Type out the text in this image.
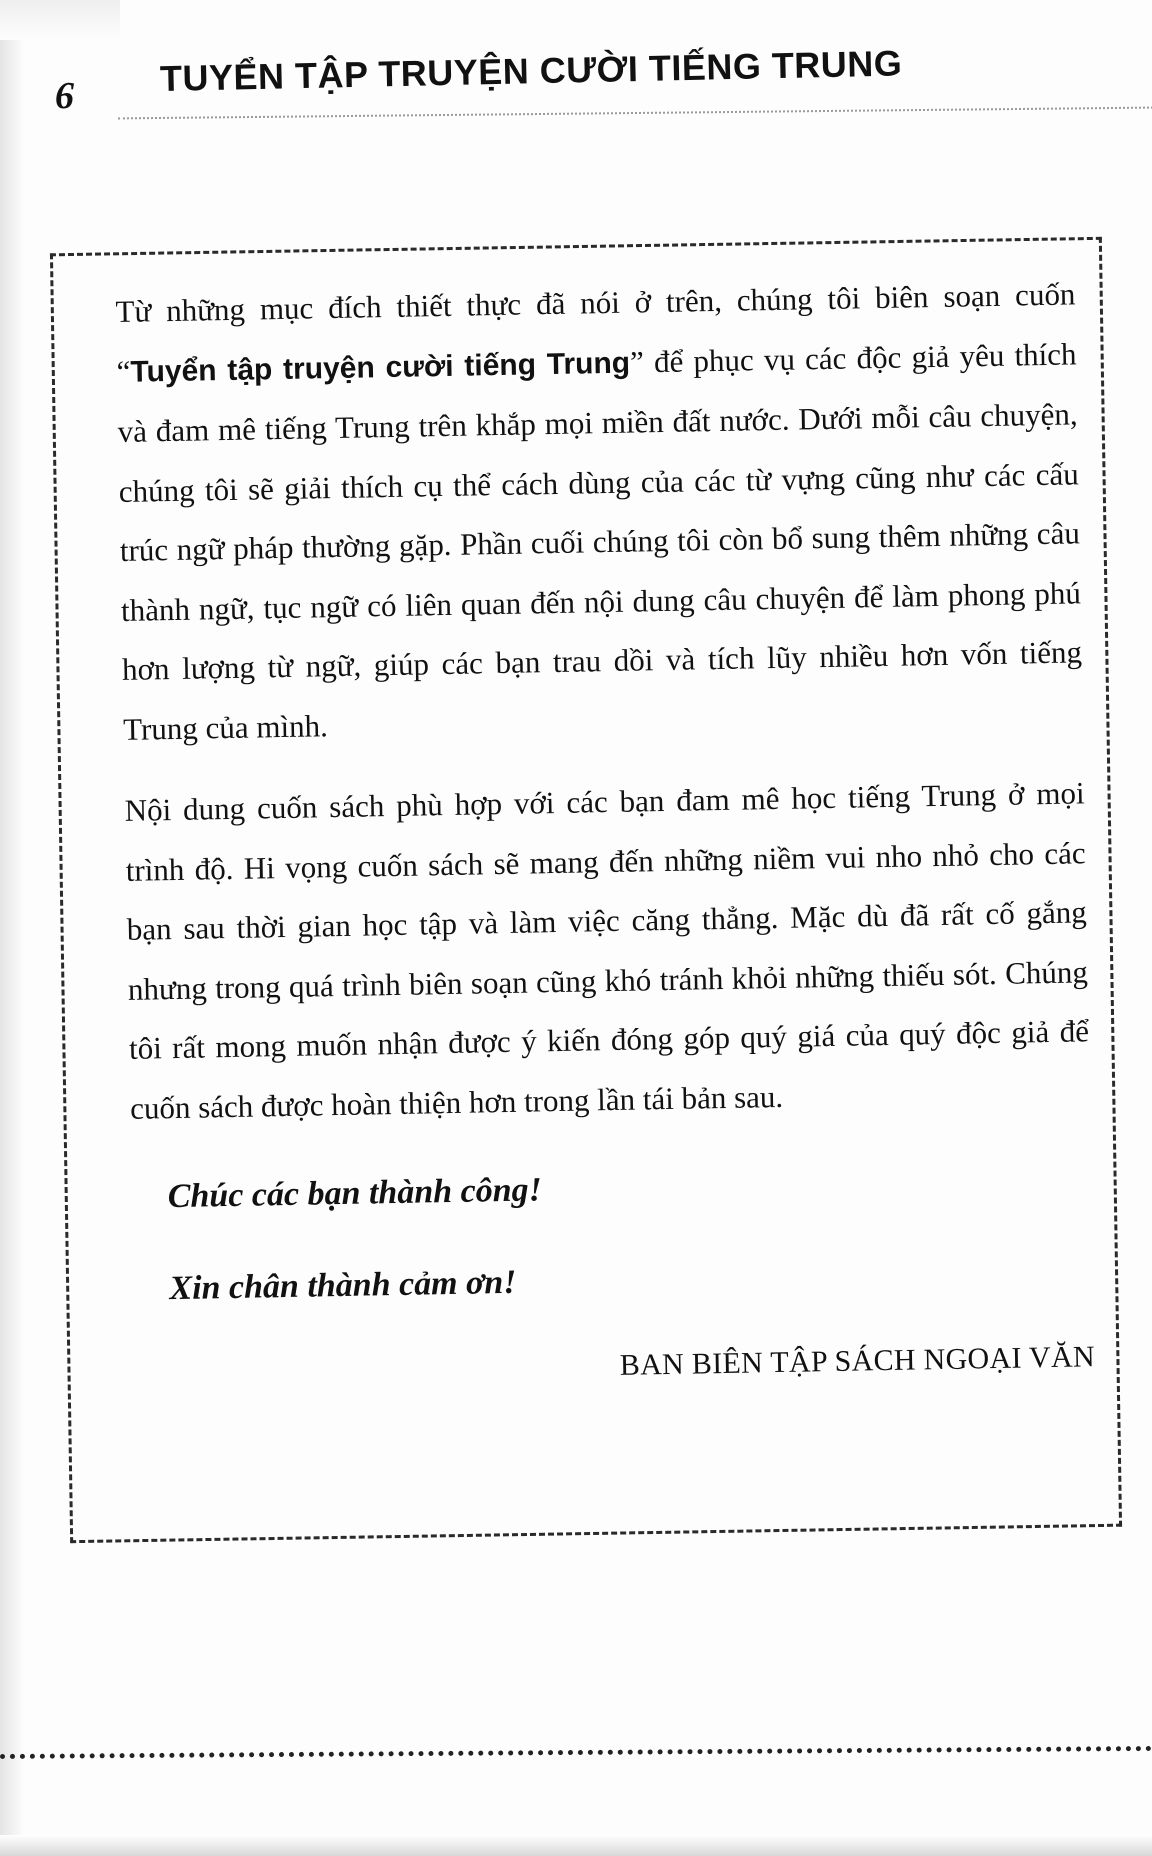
6 TUYỂN TẬP TRUYỆN CƯỜI TIẾNG TRUNG

Từ những mục đích thiết thực đã nói ở trên, chúng tôi biên soạn cuốn “Tuyển tập truyện cười tiếng Trung” để phục vụ các độc giả yêu thích và đam mê tiếng Trung trên khắp mọi miền đất nước. Dưới mỗi câu chuyện, chúng tôi sẽ giải thích cụ thể cách dùng của các từ vựng cũng như các cấu trúc ngữ pháp thường gặp. Phần cuối chúng tôi còn bổ sung thêm những câu thành ngữ, tục ngữ có liên quan đến nội dung câu chuyện để làm phong phú hơn lượng từ ngữ, giúp các bạn trau dồi và tích lũy nhiều hơn vốn tiếng Trung của mình.

Nội dung cuốn sách phù hợp với các bạn đam mê học tiếng Trung ở mọi trình độ. Hi vọng cuốn sách sẽ mang đến những niềm vui nho nhỏ cho các bạn sau thời gian học tập và làm việc căng thẳng. Mặc dù đã rất cố gắng nhưng trong quá trình biên soạn cũng khó tránh khỏi những thiếu sót. Chúng tôi rất mong muốn nhận được ý kiến đóng góp quý giá của quý độc giả để cuốn sách được hoàn thiện hơn trong lần tái bản sau.

Chúc các bạn thành công!

Xin chân thành cảm ơn!

BAN BIÊN TẬP SÁCH NGOẠI VĂN
